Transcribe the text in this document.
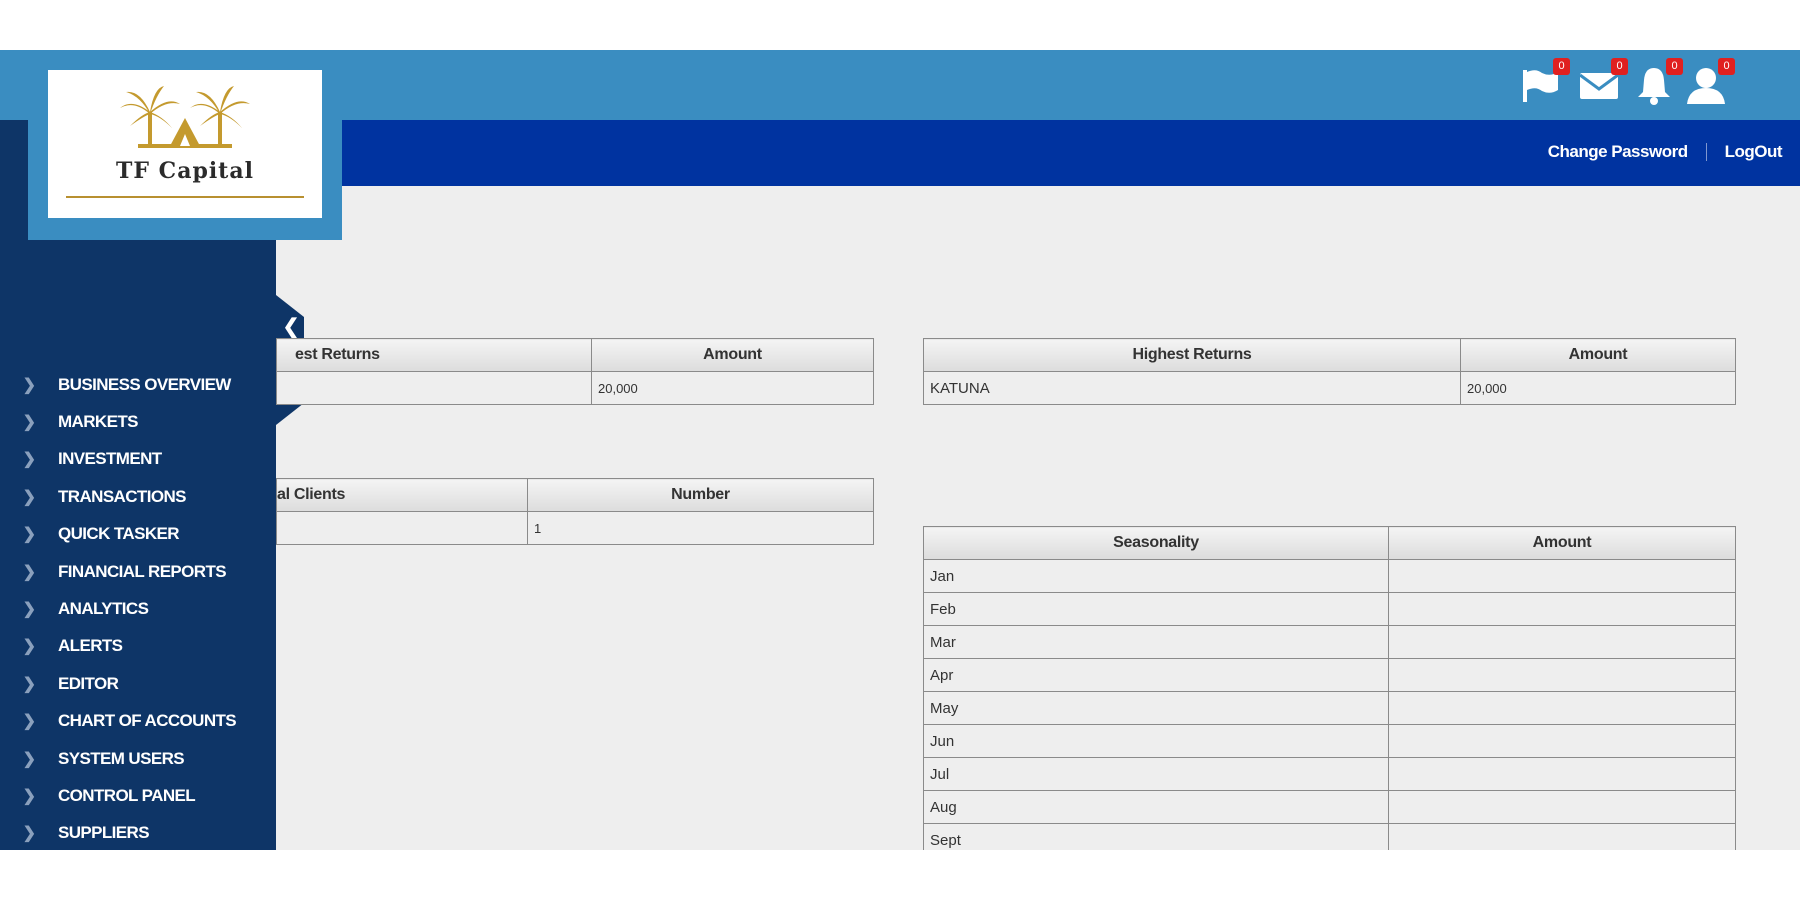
0	0	0	0
Change Password LogOut
❯	BUSINESS OVERVIEW
❯	MARKETS
❯	INVESTMENT
❯	TRANSACTIONS
❯	QUICK TASKER
❯	FINANCIAL REPORTS
❯	ANALYTICS
❯	ALERTS
❯	EDITOR
❯	CHART OF ACCOUNTS
❯	SYSTEM USERS
❯	CONTROL PANEL
❯	SUPPLIERS
❮
TF Capital
est Returns	Amount
	20,000
Highest Returns	Amount
KATUNA	20,000
al Clients	Number
	1
Seasonality	Amount
Jan	
Feb	
Mar	
Apr	
May	
Jun	
Jul	
Aug	
Sept	
